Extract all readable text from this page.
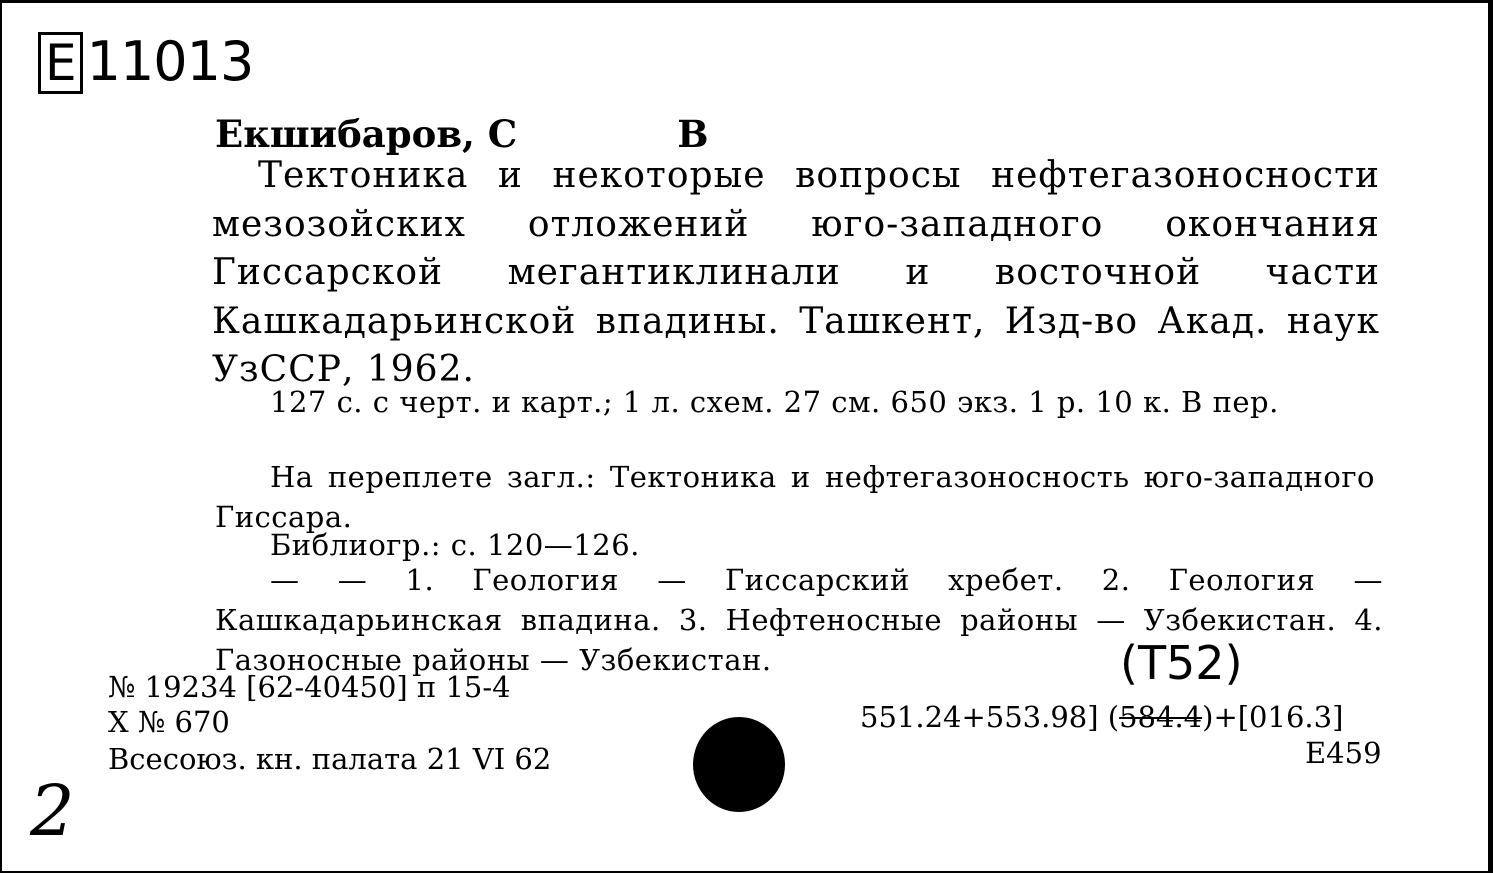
Е 11013
Екшибаров, С	В
Тектоника и некоторые вопросы нефтегазоносности мезозойских отложений юго-западного окончания Гиссарской мегантиклинали и восточной части Кашкадарьинской впадины. Ташкент, Изд-во Акад. наук УзССР, 1962.
127 с. с черт. и карт.; 1 л. схем. 27 см. 650 экз. 1 р. 10 к. В пер.
На переплете загл.: Тектоника и нефтегазоносность юго-западного Гиссара.
Библиогр.: с. 120—126.
— — 1. Геология — Гиссарский хребет. 2. Геология — Кашкадарьинская впадина. 3. Нефтеносные районы — Узбекистан. 4. Газоносные районы — Узбекистан.	(Т52)
№ 19234 [62-40450] п 15-4
X № 670
Всесоюз. кн. палата 21 VI 62
551.24+553.98] (584.4)+[016.3]
Е459
2
